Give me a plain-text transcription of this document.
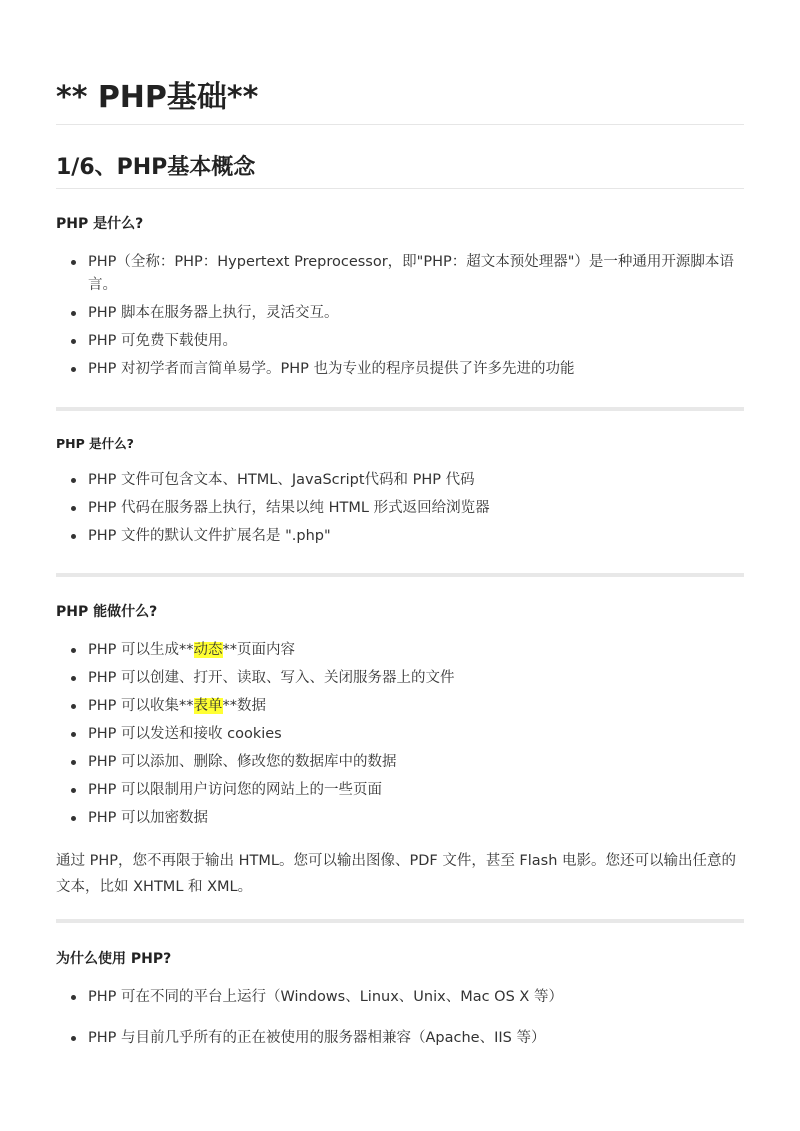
** PHP基础**
1/6、PHP基本概念
PHP 是什么?
PHP（全称：PHP：Hypertext Preprocessor，即"PHP：超文本预处理器"）是一种通用开源脚本语言。
PHP 脚本在服务器上执行，灵活交互。
PHP 可免费下载使用。
PHP 对初学者而言简单易学。PHP 也为专业的程序员提供了许多先进的功能
PHP 是什么?
PHP 文件可包含文本、HTML、JavaScript代码和 PHP 代码
PHP 代码在服务器上执行，结果以纯 HTML 形式返回给浏览器
PHP 文件的默认文件扩展名是 ".php"
PHP 能做什么?
PHP 可以生成**动态**页面内容
PHP 可以创建、打开、读取、写入、关闭服务器上的文件
PHP 可以收集**表单**数据
PHP 可以发送和接收 cookies
PHP 可以添加、删除、修改您的数据库中的数据
PHP 可以限制用户访问您的网站上的一些页面
PHP 可以加密数据

通过 PHP，您不再限于输出 HTML。您可以输出图像、PDF 文件，甚至 Flash 电影。您还可以输出任意的文本，比如 XHTML 和 XML。

为什么使用 PHP?
PHP 可在不同的平台上运行（Windows、Linux、Unix、Mac OS X 等）
PHP 与目前几乎所有的正在被使用的服务器相兼容（Apache、IIS 等）
